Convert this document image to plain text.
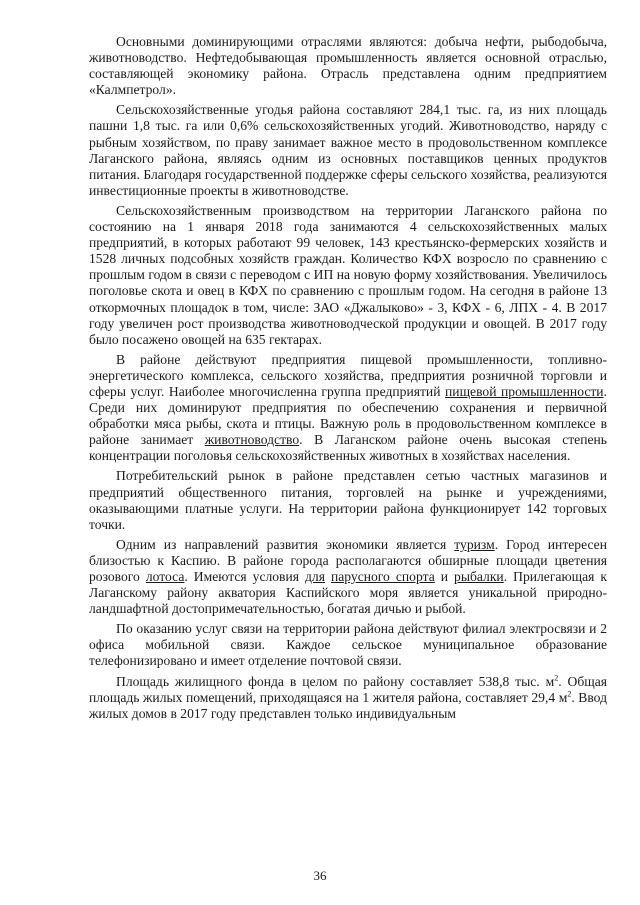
Основными доминирующими отраслями являются: добыча нефти, рыбодобыча, животноводство. Нефтедобывающая промышленность является основной отраслью, составляющей экономику района. Отрасль представлена одним предприятием «Калмпетрол».

Сельскохозяйственные угодья района составляют 284,1 тыс. га, из них площадь пашни 1,8 тыс. га или 0,6% сельскохозяйственных угодий. Животноводство, наряду с рыбным хозяйством, по праву занимает важное место в продовольственном комплексе Лаганского района, являясь одним из основных поставщиков ценных продуктов питания. Благодаря государственной поддержке сферы сельского хозяйства, реализуются инвестиционные проекты в животноводстве.

Сельскохозяйственным производством на территории Лаганского района по состоянию на 1 января 2018 года занимаются 4 сельскохозяйственных малых предприятий, в которых работают 99 человек, 143 крестьянско-фермерских хозяйств и 1528 личных подсобных хозяйств граждан. Количество КФХ возросло по сравнению с прошлым годом в связи с переводом с ИП на новую форму хозяйствования. Увеличилось поголовье скота и овец в КФХ по сравнению с прошлым годом. На сегодня в районе 13 откормочных площадок в том, числе: ЗАО «Джалыково» - 3, КФХ - 6, ЛПХ - 4. В 2017 году увеличен рост производства животноводческой продукции и овощей. В 2017 году было посажено овощей на 635 гектарах.

В районе действуют предприятия пищевой промышленности, топливно-энергетического комплекса, сельского хозяйства, предприятия розничной торговли и сферы услуг. Наиболее многочисленна группа предприятий пищевой промышленности. Среди них доминируют предприятия по обеспечению сохранения и первичной обработки мяса рыбы, скота и птицы. Важную роль в продовольственном комплексе в районе занимает животноводство. В Лаганском районе очень высокая степень концентрации поголовья сельскохозяйственных животных в хозяйствах населения.

Потребительский рынок в районе представлен сетью частных магазинов и предприятий общественного питания, торговлей на рынке и учреждениями, оказывающими платные услуги. На территории района функционирует 142 торговых точки.

Одним из направлений развития экономики является туризм. Город интересен близостью к Каспию. В районе города располагаются обширные площади цветения розового лотоса. Имеются условия для парусного спорта и рыбалки. Прилегающая к Лаганскому району акватория Каспийского моря является уникальной природно-ландшафтной достопримечательностью, богатая дичью и рыбой.

По оказанию услуг связи на территории района действуют филиал электросвязи и 2 офиса мобильной связи. Каждое сельское муниципальное образование телефонизировано и имеет отделение почтовой связи.

Площадь жилищного фонда в целом по району составляет 538,8 тыс. $м^2$. Общая площадь жилых помещений, приходящаяся на 1 жителя района, составляет 29,4 $м^2$. Ввод жилых домов в 2017 году представлен только индивидуальным

36
